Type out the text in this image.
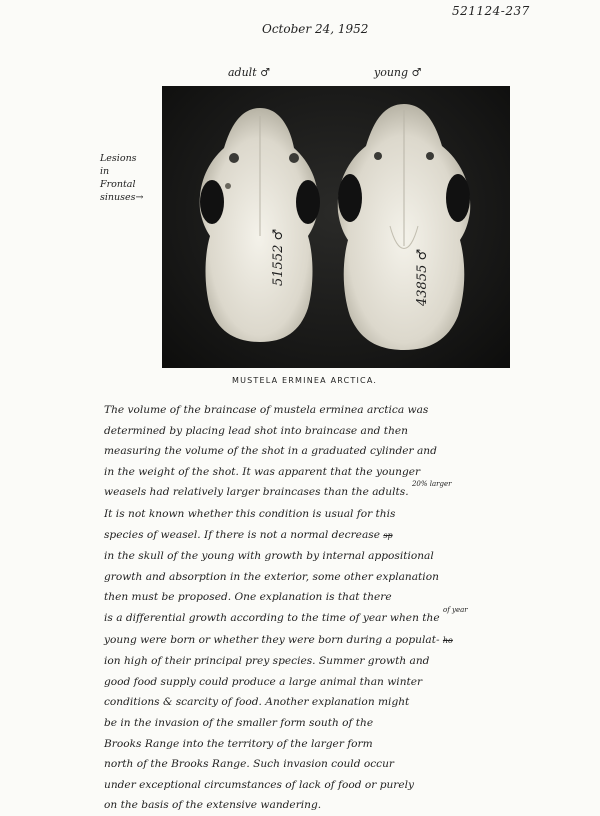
521124-237
October 24, 1952
adult ♂	young ♂
Lesions
in
Frontal
sinuses→
51552 ♂	43855 ♂
MUSTELA ERMINEA ARCTICA.
The volume of the braincase of mustela erminea arctica was
determined by placing lead shot into braincase and then
measuring the volume of the shot in a graduated cylinder and
in the weight of the shot. It was apparent that the younger
weasels had relatively larger braincases than the adults. $^{20\% larger}$
It is not known whether this condition is usual for this
species of weasel. If there is not a normal decrease sp
in the skull of the young with growth by internal appositional
growth and absorption in the exterior, some other explanation
then must be proposed. One explanation is that there
is a differential growth according to the time of year when the $^{of year}$
young were born or whether they were born during a populat- ho
ion high of their principal prey species. Summer growth and
good food supply could produce a large animal than winter
conditions & scarcity of food. Another explanation might
be in the invasion of the smaller form south of the
Brooks Range into the territory of the larger form
north of the Brooks Range. Such invasion could occur
under exceptional circumstances of lack of food or purely
on the basis of the extensive wandering.
